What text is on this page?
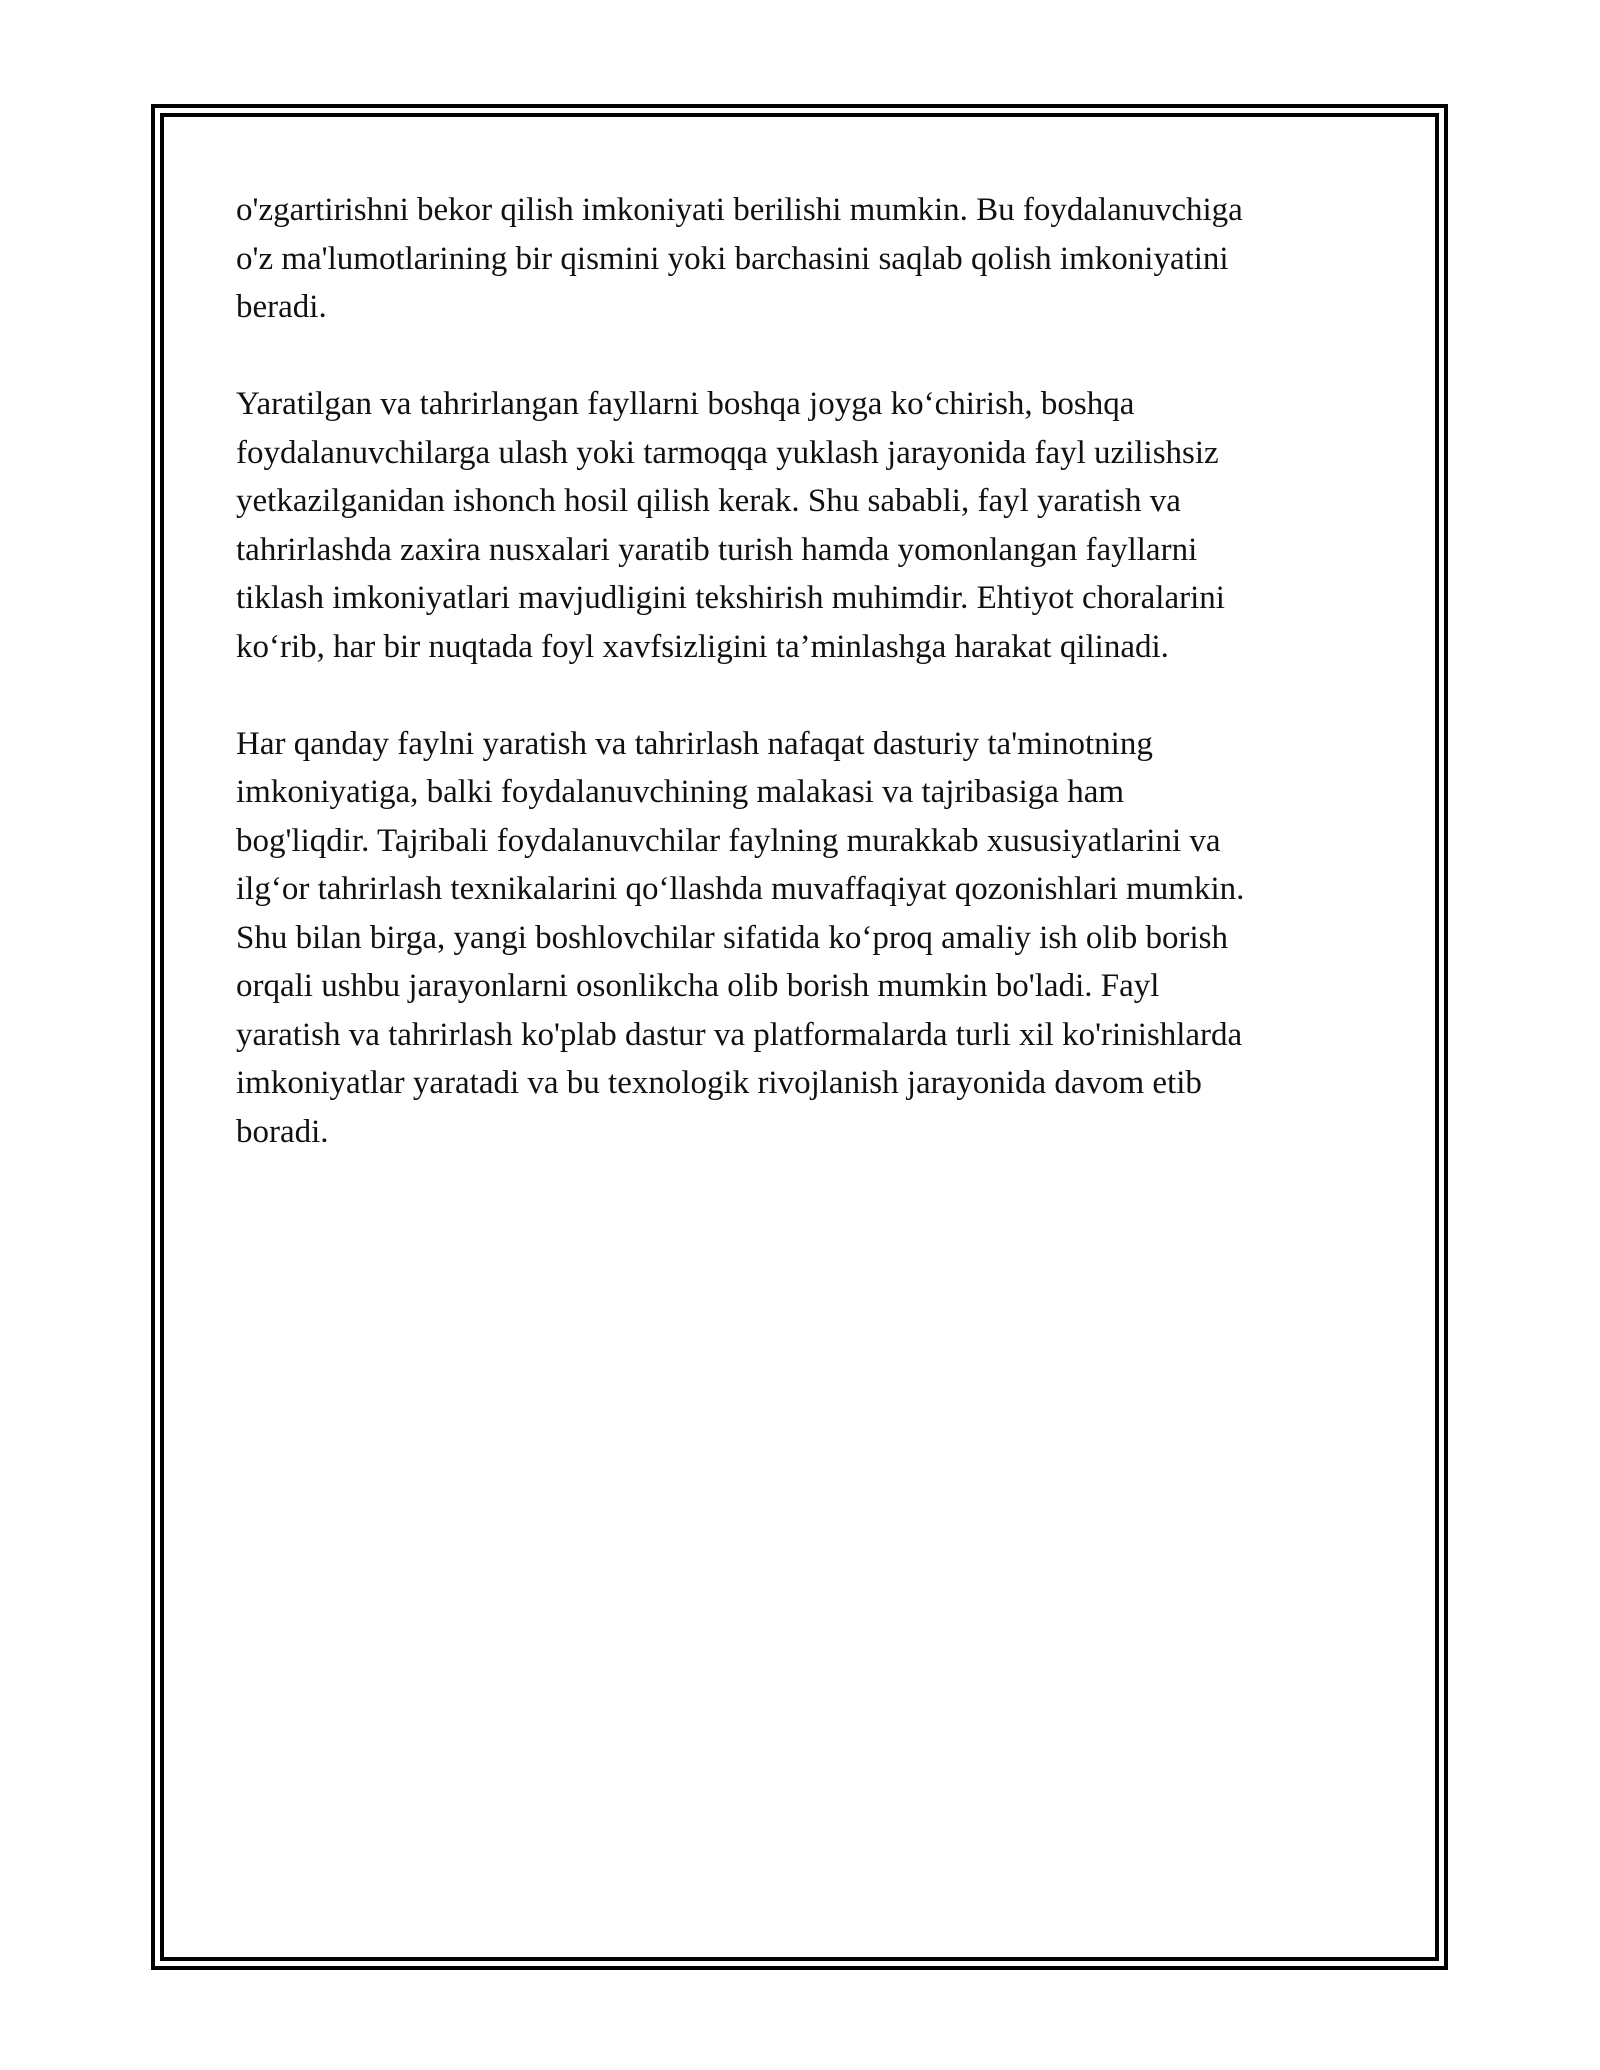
o'zgartirishni bekor qilish imkoniyati berilishi mumkin. Bu foydalanuvchiga
o'z ma'lumotlarining bir qismini yoki barchasini saqlab qolish imkoniyatini
beradi.

Yaratilgan va tahrirlangan fayllarni boshqa joyga koʻchirish, boshqa
foydalanuvchilarga ulash yoki tarmoqqa yuklash jarayonida fayl uzilishsiz
yetkazilganidan ishonch hosil qilish kerak. Shu sababli, fayl yaratish va
tahrirlashda zaxira nusxalari yaratib turish hamda yomonlangan fayllarni
tiklash imkoniyatlari mavjudligini tekshirish muhimdir. Ehtiyot choralarini
koʻrib, har bir nuqtada foyl xavfsizligini ta’minlashga harakat qilinadi.

Har qanday faylni yaratish va tahrirlash nafaqat dasturiy ta'minotning
imkoniyatiga, balki foydalanuvchining malakasi va tajribasiga ham
bog'liqdir. Tajribali foydalanuvchilar faylning murakkab xususiyatlarini va
ilgʻor tahrirlash texnikalarini qoʻllashda muvaffaqiyat qozonishlari mumkin.
Shu bilan birga, yangi boshlovchilar sifatida koʻproq amaliy ish olib borish
orqali ushbu jarayonlarni osonlikcha olib borish mumkin bo'ladi. Fayl
yaratish va tahrirlash ko'plab dastur va platformalarda turli xil ko'rinishlarda
imkoniyatlar yaratadi va bu texnologik rivojlanish jarayonida davom etib
boradi.
